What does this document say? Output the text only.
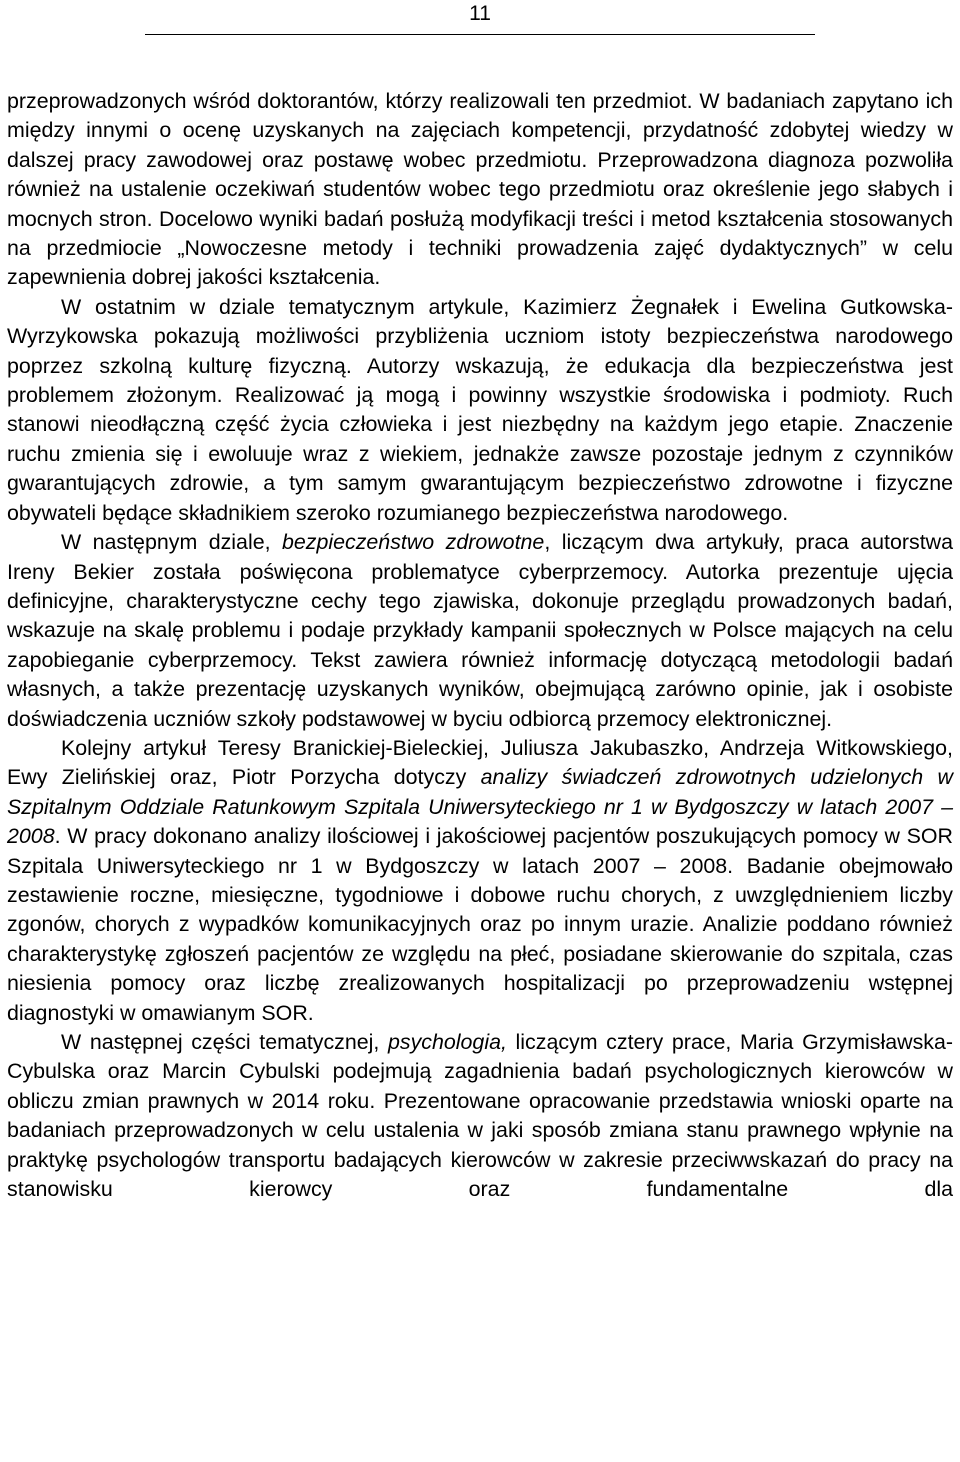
11

przeprowadzonych wśród doktorantów, którzy realizowali ten przedmiot. W badaniach zapytano ich między innymi o ocenę uzyskanych na zajęciach kompetencji, przydatność zdobytej wiedzy w dalszej pracy zawodowej oraz postawę wobec przedmiotu. Przeprowadzona diagnoza pozwoliła również na ustalenie oczekiwań studentów wobec tego przedmiotu oraz określenie jego słabych i mocnych stron. Docelowo wyniki badań posłużą modyfikacji treści i metod kształcenia stosowanych na przedmiocie „Nowoczesne metody i techniki prowadzenia zajęć dydaktycznych” w celu zapewnienia dobrej jakości kształcenia.

W ostatnim w dziale tematycznym artykule, Kazimierz Żegnałek i Ewelina Gutkowska-Wyrzykowska pokazują możliwości przybliżenia uczniom istoty bezpieczeństwa narodowego poprzez szkolną kulturę fizyczną. Autorzy wskazują, że edukacja dla bezpieczeństwa jest problemem złożonym. Realizować ją mogą i powinny wszystkie środowiska i podmioty. Ruch stanowi nieodłączną część życia człowieka i jest niezbędny na każdym jego etapie. Znaczenie ruchu zmienia się i ewoluuje wraz z wiekiem, jednakże zawsze pozostaje jednym z czynników gwarantujących zdrowie, a tym samym gwarantującym bezpieczeństwo zdrowotne i fizyczne obywateli będące składnikiem szeroko rozumianego bezpieczeństwa narodowego.

W następnym dziale, bezpieczeństwo zdrowotne, liczącym dwa artykuły, praca autorstwa Ireny Bekier została poświęcona problematyce cyberprzemocy. Autorka prezentuje ujęcia definicyjne, charakterystyczne cechy tego zjawiska, dokonuje przeglądu prowadzonych badań, wskazuje na skalę problemu i podaje przykłady kampanii społecznych w Polsce mających na celu zapobieganie cyberprzemocy. Tekst zawiera również informację dotyczącą metodologii badań własnych, a także prezentację uzyskanych wyników, obejmującą zarówno opinie, jak i osobiste doświadczenia uczniów szkoły podstawowej w byciu odbiorcą przemocy elektronicznej.

Kolejny artykuł Teresy Branickiej-Bieleckiej, Juliusza Jakubaszko, Andrzeja Witkowskiego, Ewy Zielińskiej oraz, Piotr Porzycha dotyczy analizy świadczeń zdrowotnych udzielonych w Szpitalnym Oddziale Ratunkowym Szpitala Uniwersyteckiego nr 1 w Bydgoszczy w latach 2007 – 2008. W pracy dokonano analizy ilościowej i jakościowej pacjentów poszukujących pomocy w SOR Szpitala Uniwersyteckiego nr 1 w Bydgoszczy w latach 2007 – 2008. Badanie obejmowało zestawienie roczne, miesięczne, tygodniowe i dobowe ruchu chorych, z uwzględnieniem liczby zgonów, chorych z wypadków komunikacyjnych oraz po innym urazie. Analizie poddano również charakterystykę zgłoszeń pacjentów ze względu na płeć, posiadane skierowanie do szpitala, czas niesienia pomocy oraz liczbę zrealizowanych hospitalizacji po przeprowadzeniu wstępnej diagnostyki w omawianym SOR.

W następnej części tematycznej, psychologia, liczącym cztery prace, Maria Grzymisławska-Cybulska oraz Marcin Cybulski podejmują zagadnienia badań psychologicznych kierowców w obliczu zmian prawnych w 2014 roku. Prezentowane opracowanie przedstawia wnioski oparte na badaniach przeprowadzonych w celu ustalenia w jaki sposób zmiana stanu prawnego wpłynie na praktykę psychologów transportu badających kierowców w zakresie przeciwwskazań do pracy na stanowisku kierowcy oraz fundamentalne dla
